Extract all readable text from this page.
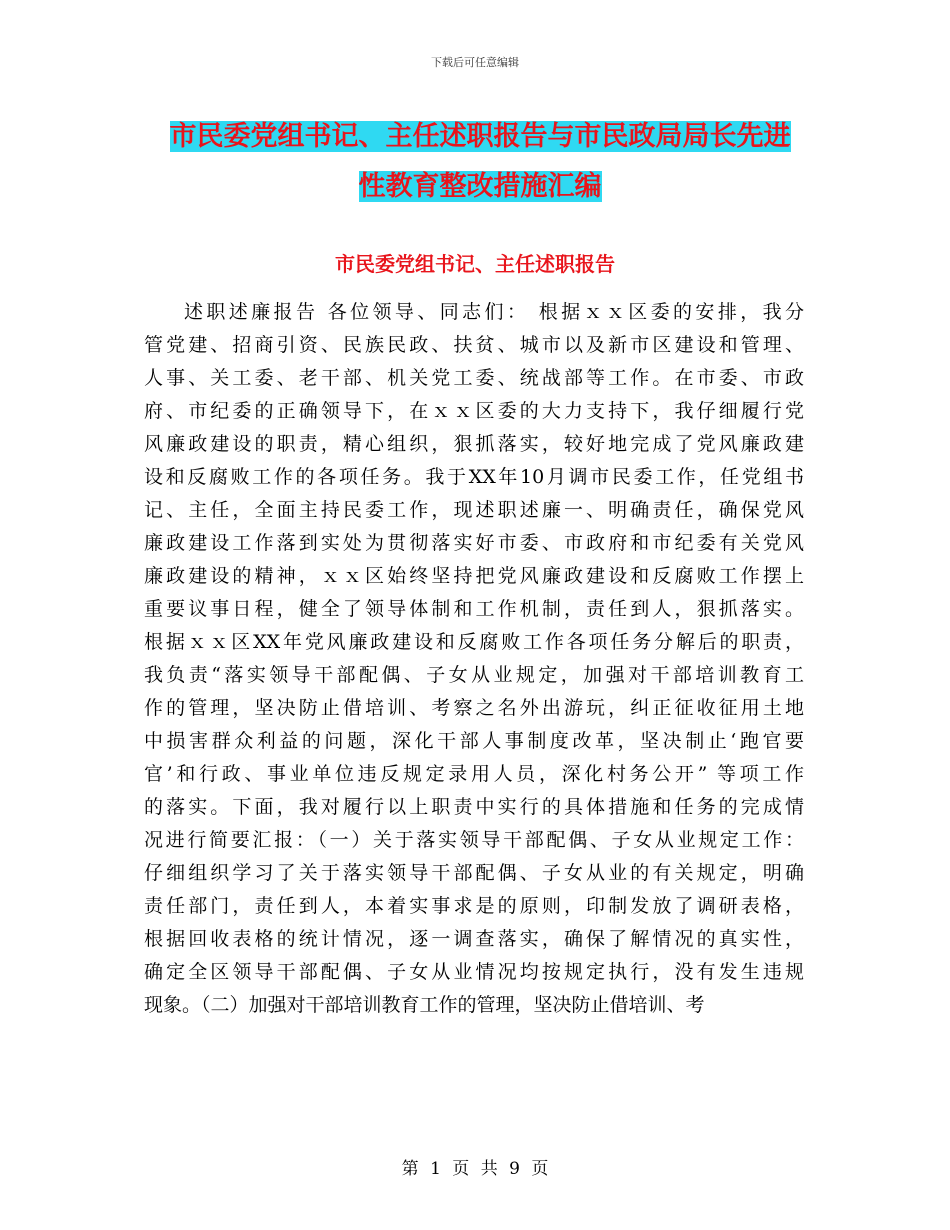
下载后可任意编辑
市民委党组书记、主任述职报告与市民政局局长先进
性教育整改措施汇编
市民委党组书记、主任述职报告
述职述廉报告 各位领导、同志们： 根据ｘｘ区委的安排，我分
管党建、招商引资、民族民政、扶贫、城市以及新市区建设和管理、
人事、关工委、老干部、机关党工委、统战部等工作。在市委、市政
府、市纪委的正确领导下，在ｘｘ区委的大力支持下，我仔细履行党
风廉政建设的职责，精心组织，狠抓落实，较好地完成了党风廉政建
设和反腐败工作的各项任务。我于XX年10月调市民委工作，任党组书
记、主任，全面主持民委工作，现述职述廉一、明确责任，确保党风
廉政建设工作落到实处为贯彻落实好市委、市政府和市纪委有关党风
廉政建设的精神，ｘｘ区始终坚持把党风廉政建设和反腐败工作摆上
重要议事日程，健全了领导体制和工作机制，责任到人，狠抓落实。
根据ｘｘ区XX年党风廉政建设和反腐败工作各项任务分解后的职责，
我负责“落实领导干部配偶、子女从业规定，加强对干部培训教育工
作的管理，坚决防止借培训、考察之名外出游玩，纠正征收征用土地
中损害群众利益的问题，深化干部人事制度改革，坚决制止‘跑官要
官’和行政、事业单位违反规定录用人员，深化村务公开” 等项工作
的落实。下面，我对履行以上职责中实行的具体措施和任务的完成情
况进行简要汇报：（一）关于落实领导干部配偶、子女从业规定工作：
仔细组织学习了关于落实领导干部配偶、子女从业的有关规定，明确
责任部门，责任到人，本着实事求是的原则，印制发放了调研表格，
根据回收表格的统计情况，逐一调查落实，确保了解情况的真实性，
确定全区领导干部配偶、子女从业情况均按规定执行，没有发生违规
现象。（二）加强对干部培训教育工作的管理，坚决防止借培训、考
第 1 页 共 9 页
